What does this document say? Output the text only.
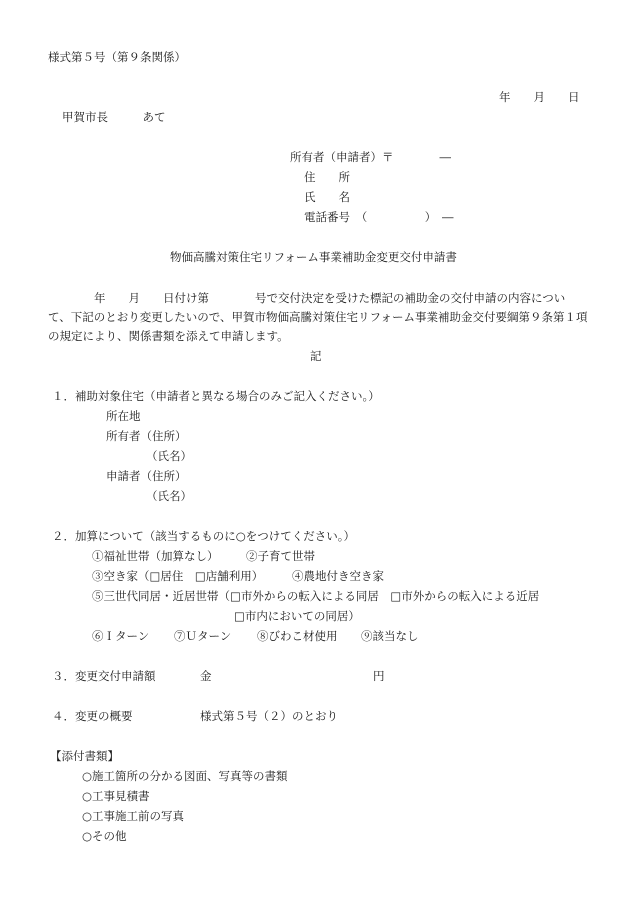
様式第５号（第９条関係）
年　　月　　日
甲賀市長　　　あて
所有者（申請者）〒　　　　―
住　　所
氏　　名
電話番号　（　　　　　）　―
物価高騰対策住宅リフォーム事業補助金変更交付申請書
　　　　年　　月　　日付け第　　　　号で交付決定を受けた標記の補助金の交付申請の内容について、下記のとおり変更したいので、甲賀市物価高騰対策住宅リフォーム事業補助金交付要綱第９条第１項の規定により、関係書類を添えて申請します。
記
１．補助対象住宅（申請者と異なる場合のみご記入ください。）
所在地
所有者（住所）
（氏名）
申請者（住所）
（氏名）
２．加算について（該当するものに○をつけてください。）
①福祉世帯（加算なし） ②子育て世帯
③空き家（□居住　□店舗利用）	④農地付き空き家
⑤三世代同居・近居世帯（□市外からの転入による同居　□市外からの転入による近居
□市内においての同居）
⑥Ｉターン ⑦Ｕターン ⑧びわこ材使用 ⑨該当なし
３．変更交付申請額	金	円
４．変更の概要	様式第５号（２）のとおり
【添付書類】
○施工箇所の分かる図面、写真等の書類
○工事見積書
○工事施工前の写真
○その他
